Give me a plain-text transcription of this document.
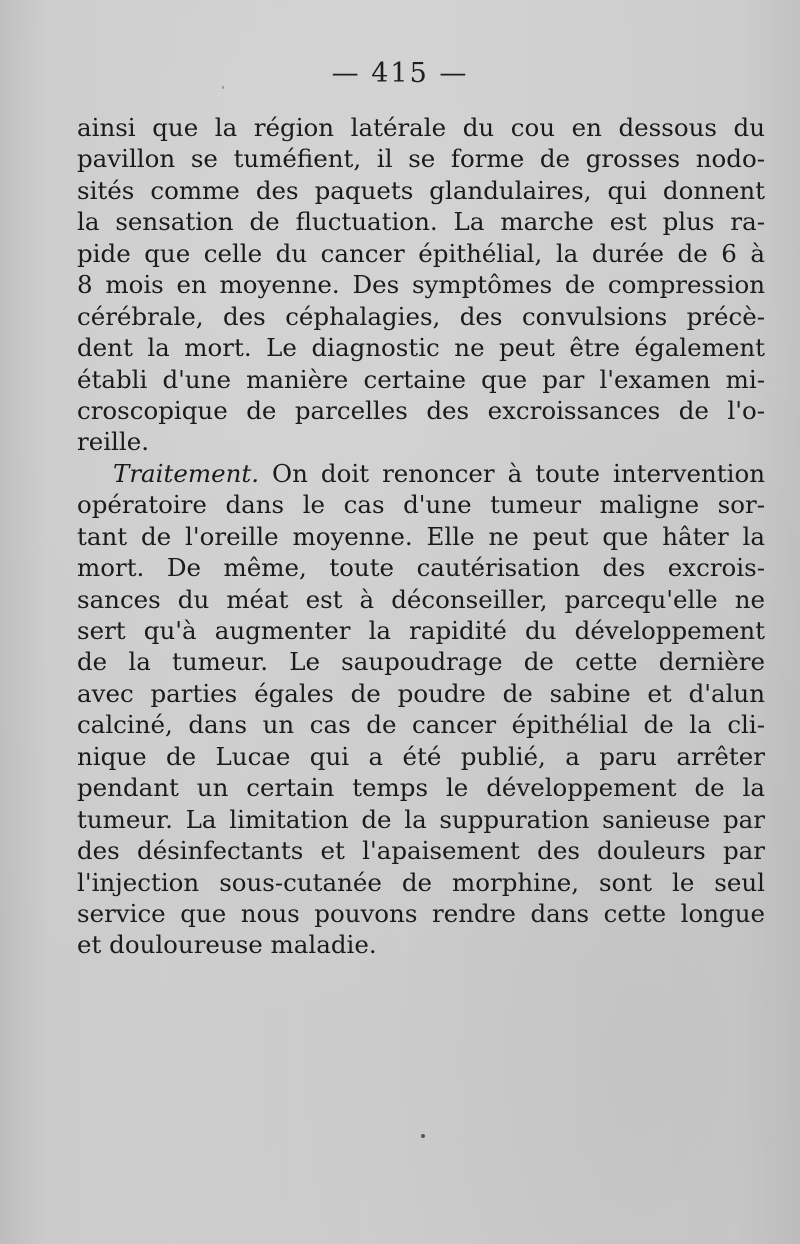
— 415 —
ainsi que la région latérale du cou en dessous du
pavillon se tuméfient, il se forme de grosses nodo-
sités comme des paquets glandulaires, qui donnent
la sensation de fluctuation. La marche est plus ra-
pide que celle du cancer épithélial, la durée de 6 à
8 mois en moyenne. Des symptômes de compression
cérébrale, des céphalagies, des convulsions précè-
dent la mort. Le diagnostic ne peut être également
établi d'une manière certaine que par l'examen mi-
croscopique de parcelles des excroissances de l'o-
reille.
Traitement. On doit renoncer à toute intervention
opératoire dans le cas d'une tumeur maligne sor-
tant de l'oreille moyenne. Elle ne peut que hâter la
mort. De même, toute cautérisation des excrois-
sances du méat est à déconseiller, parcequ'elle ne
sert qu'à augmenter la rapidité du développement
de la tumeur. Le saupoudrage de cette dernière
avec parties égales de poudre de sabine et d'alun
calciné, dans un cas de cancer épithélial de la cli-
nique de Lucae qui a été publié, a paru arrêter
pendant un certain temps le développement de la
tumeur. La limitation de la suppuration sanieuse par
des désinfectants et l'apaisement des douleurs par
l'injection sous-cutanée de morphine, sont le seul
service que nous pouvons rendre dans cette longue
et douloureuse maladie.
